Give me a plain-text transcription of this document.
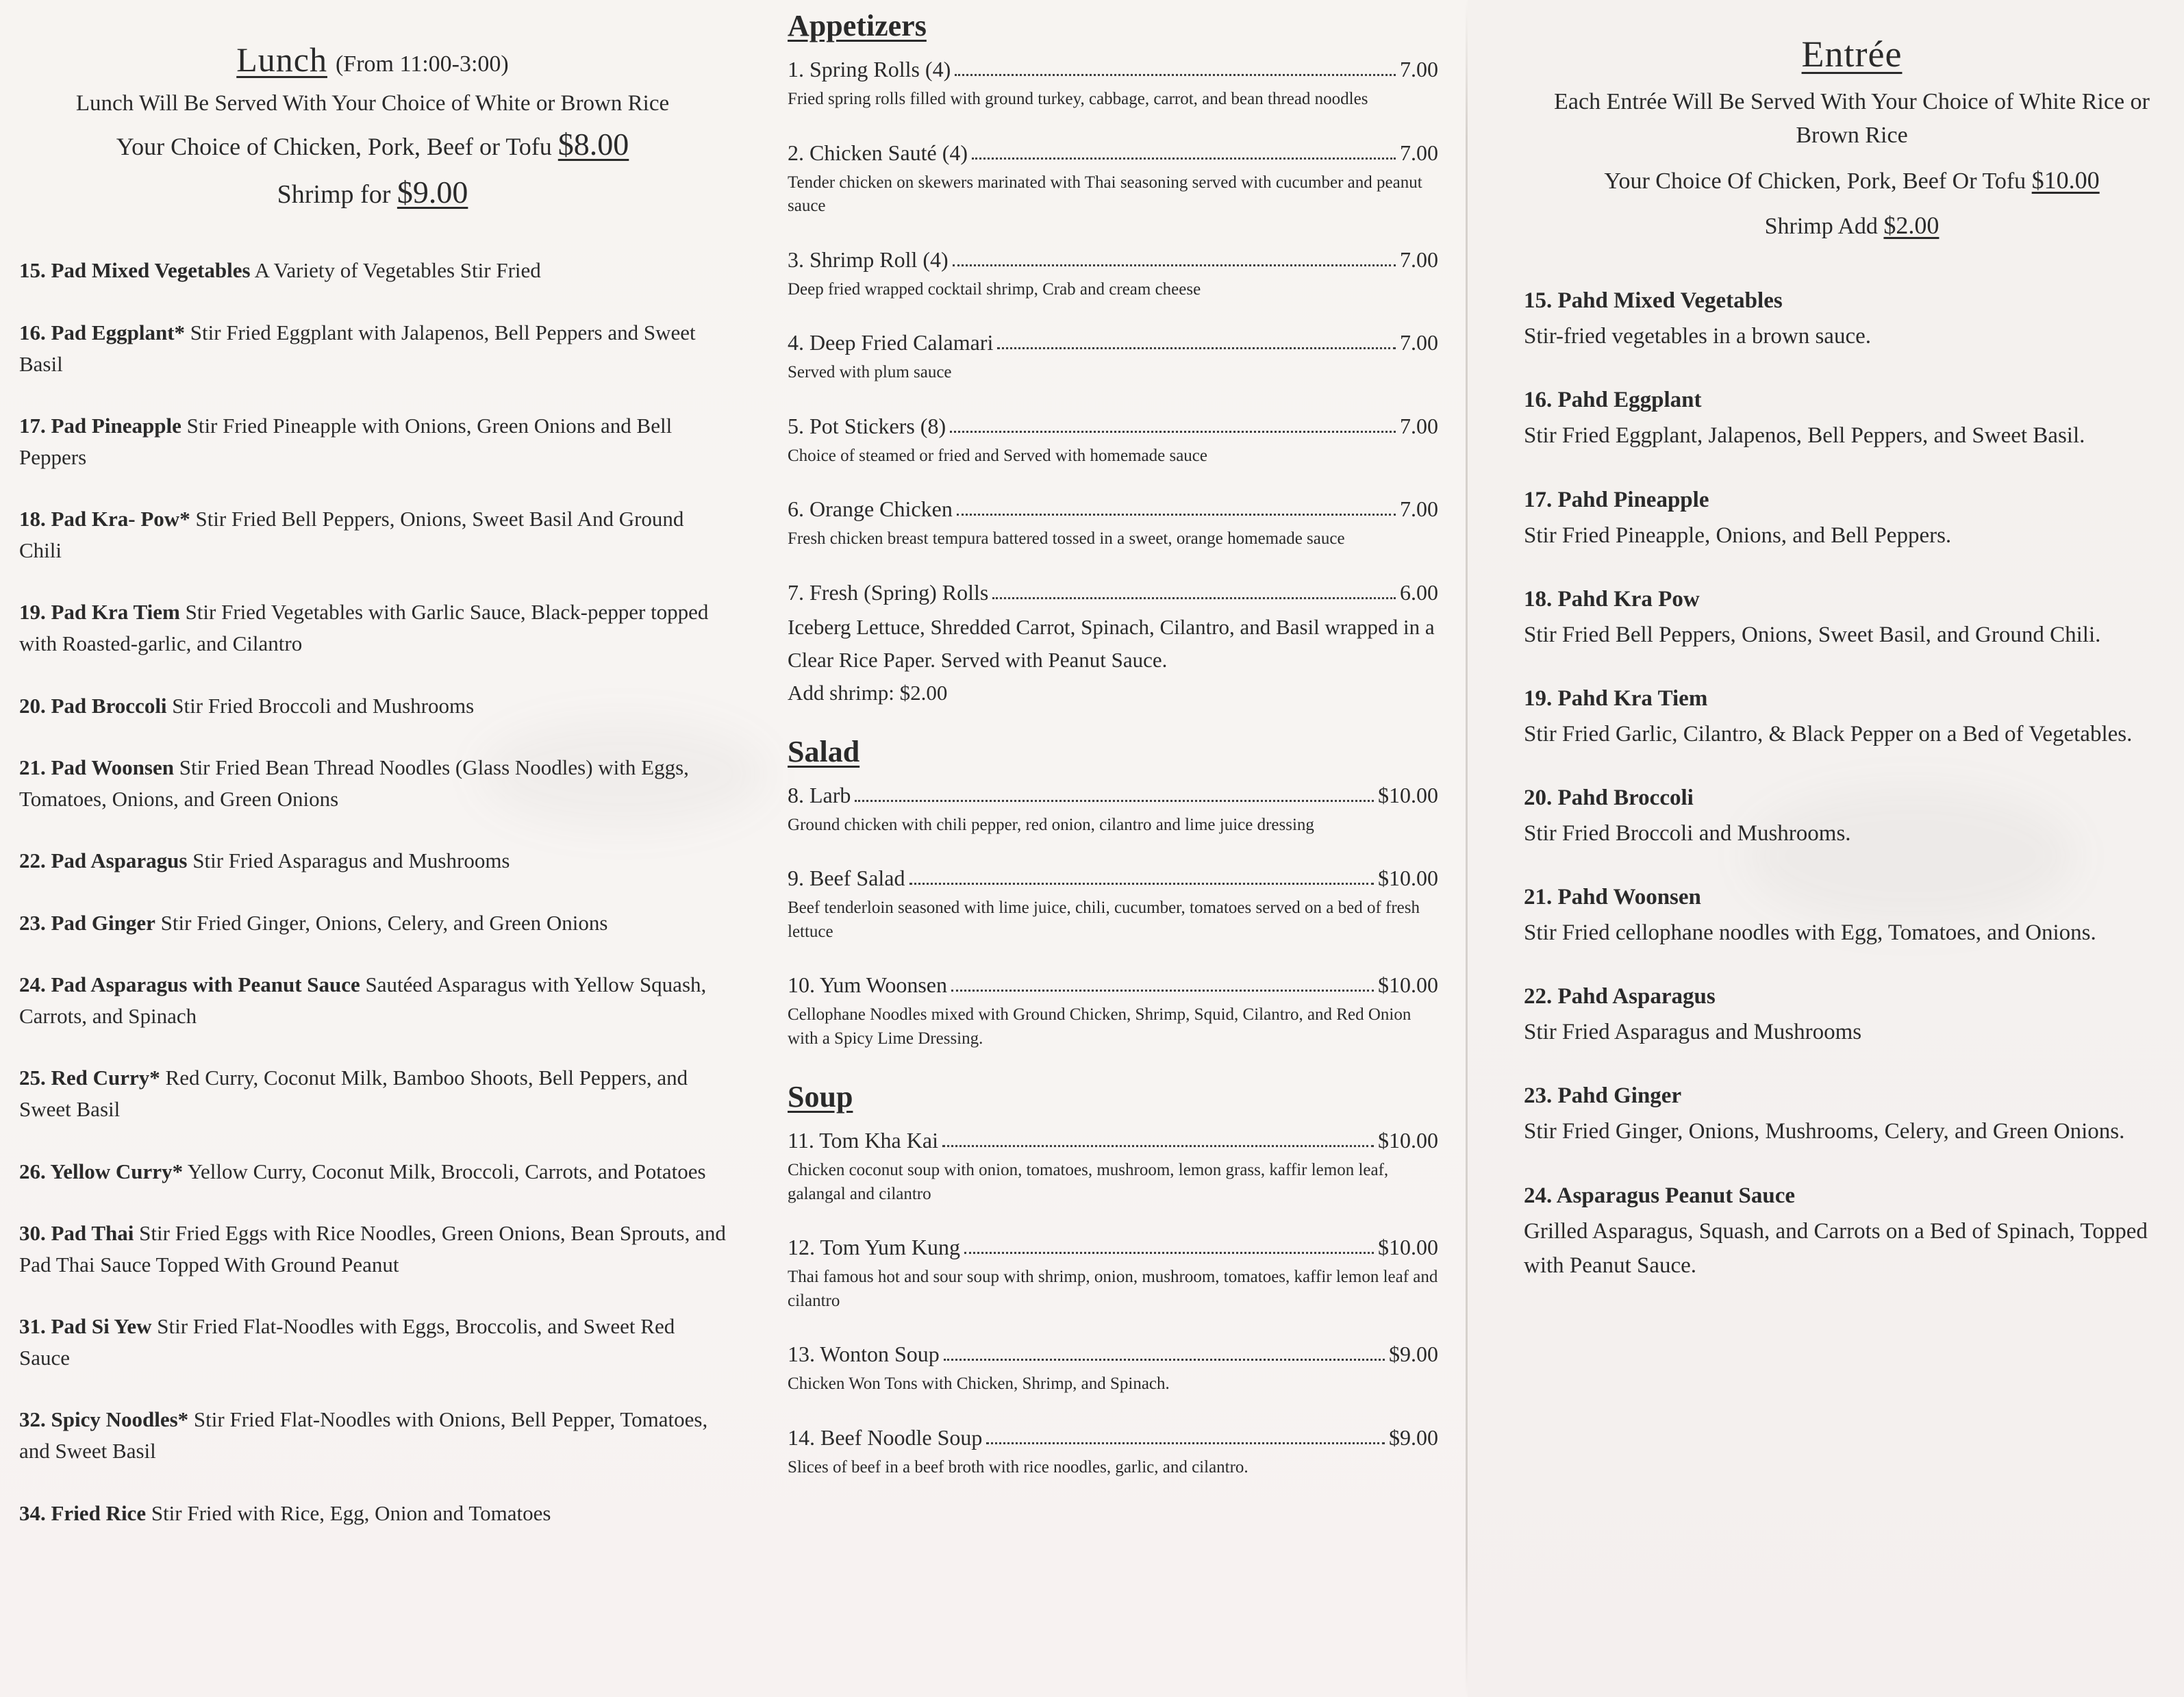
Lunch (From 11:00-3:00)

Lunch Will Be Served With Your Choice of White or Brown Rice

Your Choice of Chicken, Pork, Beef or Tofu $8.00

Shrimp for $9.00

15. Pad Mixed Vegetables A Variety of Vegetables Stir Fried

16. Pad Eggplant* Stir Fried Eggplant with Jalapenos, Bell Peppers and Sweet Basil

17. Pad Pineapple Stir Fried Pineapple with Onions, Green Onions and Bell Peppers

18. Pad Kra- Pow* Stir Fried Bell Peppers, Onions, Sweet Basil And Ground Chili

19. Pad Kra Tiem Stir Fried Vegetables with Garlic Sauce, Black-pepper topped with Roasted-garlic, and Cilantro

20. Pad Broccoli Stir Fried Broccoli and Mushrooms

21. Pad Woonsen Stir Fried Bean Thread Noodles (Glass Noodles) with Eggs, Tomatoes, Onions, and Green Onions

22. Pad Asparagus Stir Fried Asparagus and Mushrooms

23. Pad Ginger Stir Fried Ginger, Onions, Celery, and Green Onions

24. Pad Asparagus with Peanut Sauce Sautéed Asparagus with Yellow Squash, Carrots, and Spinach

25. Red Curry* Red Curry, Coconut Milk, Bamboo Shoots, Bell Peppers, and Sweet Basil

26. Yellow Curry* Yellow Curry, Coconut Milk, Broccoli, Carrots, and Potatoes

30. Pad Thai Stir Fried Eggs with Rice Noodles, Green Onions, Bean Sprouts, and Pad Thai Sauce Topped With Ground Peanut

31. Pad Si Yew Stir Fried Flat-Noodles with Eggs, Broccolis, and Sweet Red Sauce

32. Spicy Noodles* Stir Fried Flat-Noodles with Onions, Bell Pepper, Tomatoes, and Sweet Basil

34. Fried Rice Stir Fried with Rice, Egg, Onion and Tomatoes

Appetizers
1. Spring Rolls (4)	7.00
Fried spring rolls filled with ground turkey, cabbage, carrot, and bean thread noodles
2. Chicken Sauté (4)	7.00
Tender chicken on skewers marinated with Thai seasoning served with cucumber and peanut sauce
3. Shrimp Roll (4)	7.00
Deep fried wrapped cocktail shrimp, Crab and cream cheese
4. Deep Fried Calamari	7.00
Served with plum sauce
5. Pot Stickers (8)	7.00
Choice of steamed or fried and Served with homemade sauce
6. Orange Chicken	7.00
Fresh chicken breast tempura battered tossed in a sweet, orange homemade sauce
7. Fresh (Spring) Rolls	6.00
Iceberg Lettuce, Shredded Carrot, Spinach, Cilantro, and Basil wrapped in a Clear Rice Paper. Served with Peanut Sauce.
Add shrimp: $2.00
Salad
8. Larb	$10.00
Ground chicken with chili pepper, red onion, cilantro and lime juice dressing
9. Beef Salad	$10.00
Beef tenderloin seasoned with lime juice, chili, cucumber, tomatoes served on a bed of fresh lettuce
10. Yum Woonsen	$10.00
Cellophane Noodles mixed with Ground Chicken, Shrimp, Squid, Cilantro, and Red Onion with a Spicy Lime Dressing.
Soup
11. Tom Kha Kai	$10.00
Chicken coconut soup with onion, tomatoes, mushroom, lemon grass, kaffir lemon leaf, galangal and cilantro
12. Tom Yum Kung	$10.00
Thai famous hot and sour soup with shrimp, onion, mushroom, tomatoes, kaffir lemon leaf and cilantro
13. Wonton Soup	$9.00
Chicken Won Tons with Chicken, Shrimp, and Spinach.
14. Beef Noodle Soup	$9.00
Slices of beef in a beef broth with rice noodles, garlic, and cilantro.
Entrée

Each Entrée Will Be Served With Your Choice of White Rice or Brown Rice

Your Choice Of Chicken, Pork, Beef Or Tofu $10.00

Shrimp Add $2.00

15. Pahd Mixed Vegetables
Stir-fried vegetables in a brown sauce.
16. Pahd Eggplant
Stir Fried Eggplant, Jalapenos, Bell Peppers, and Sweet Basil.
17. Pahd Pineapple
Stir Fried Pineapple, Onions, and Bell Peppers.
18. Pahd Kra Pow
Stir Fried Bell Peppers, Onions, Sweet Basil, and Ground Chili.
19. Pahd Kra Tiem
Stir Fried Garlic, Cilantro, & Black Pepper on a Bed of Vegetables.
20. Pahd Broccoli
Stir Fried Broccoli and Mushrooms.
21. Pahd Woonsen
Stir Fried cellophane noodles with Egg, Tomatoes, and Onions.
22. Pahd Asparagus
Stir Fried Asparagus and Mushrooms
23. Pahd Ginger
Stir Fried Ginger, Onions, Mushrooms, Celery, and Green Onions.
24. Asparagus Peanut Sauce
Grilled Asparagus, Squash, and Carrots on a Bed of Spinach, Topped with Peanut Sauce.
